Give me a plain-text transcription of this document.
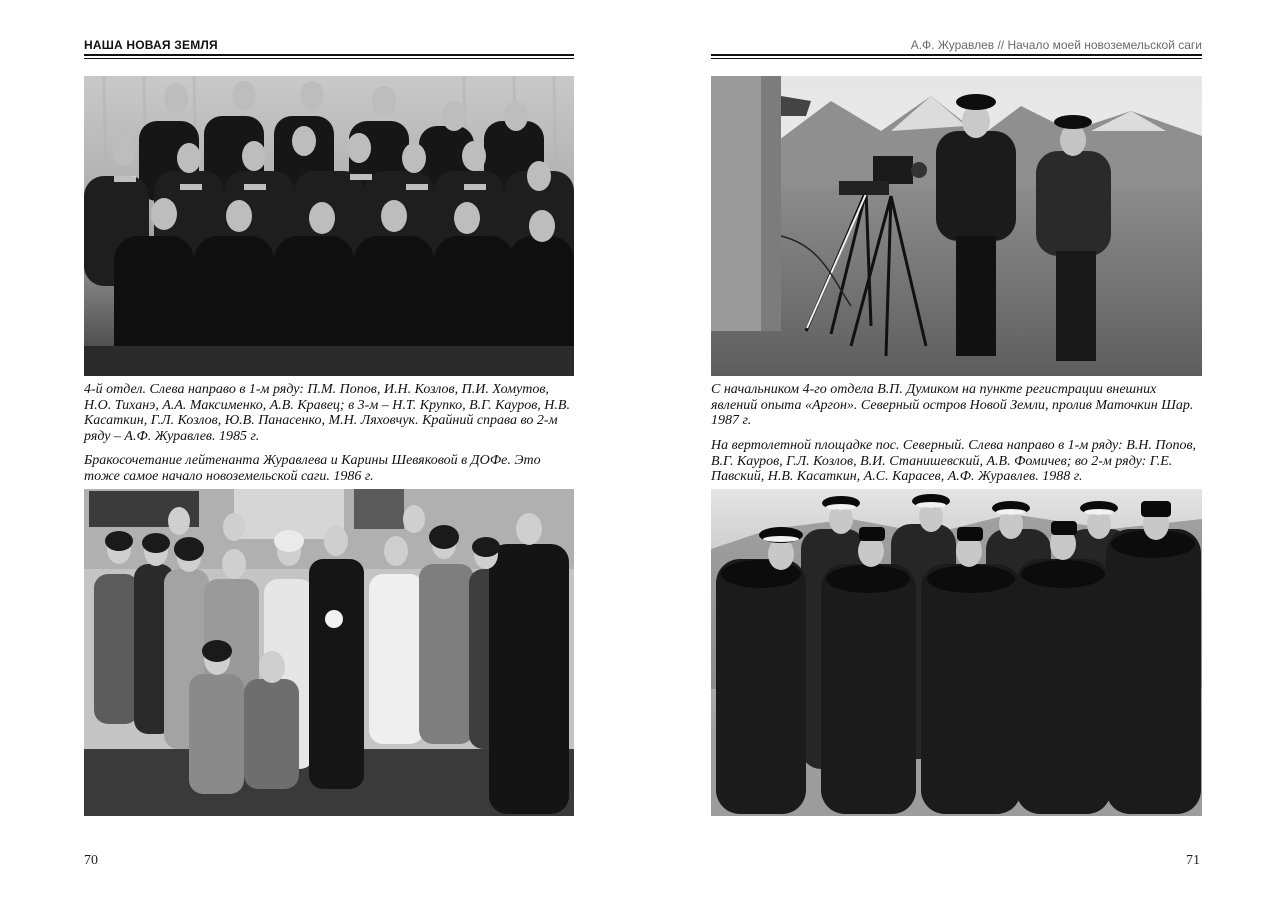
НАША НОВАЯ ЗЕМЛЯ

4-й отдел. Слева направо в 1-м ряду: П.М. Попов, И.Н. Козлов, П.И. Хомутов, Н.О. Тиханэ, А.А. Максименко, А.В. Кравец; в 3-м – Н.Т. Крупко, В.Г. Кауров, Н.В. Касаткин, Г.Л. Козлов, Ю.В. Панасенко, М.Н. Ляховчук. Крайний справа во 2-м ряду – А.Ф. Журавлев. 1985 г.

Бракосочетание лейтенанта Журавлева и Карины Шевяковой в ДОФе. Это тоже самое начало новоземельской саги. 1986 г.

70
А.Ф. Журавлев // Начало моей новоземельской саги

С начальником 4-го отдела В.П. Думиком на пункте регистрации внешних явлений опыта «Аргон». Северный остров Новой Земли, пролив Маточкин Шар. 1987 г.

На вертолетной площадке пос. Северный. Слева направо в 1-м ряду: В.Н. Попов, В.Г. Кауров, Г.Л. Козлов, В.И. Станишевский, А.В. Фомичев; во 2-м ряду: Г.Е. Павский, Н.В. Касаткин, А.С. Карасев, А.Ф. Журавлев. 1988 г.

71
